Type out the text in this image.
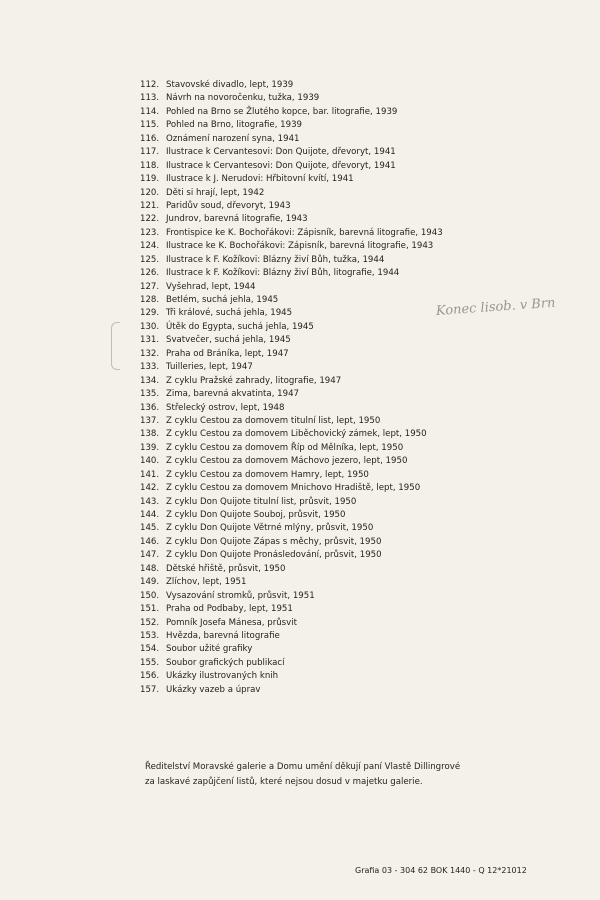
112. Stavovské divadlo, lept, 1939
113. Návrh na novoročenku, tužka, 1939
114. Pohled na Brno se Žlutého kopce, bar. litografie, 1939
115. Pohled na Brno, litografie, 1939
116. Oznámení narození syna, 1941
117. Ilustrace k Cervantesovi: Don Quijote, dřevoryt, 1941
118. Ilustrace k Cervantesovi: Don Quijote, dřevoryt, 1941
119. Ilustrace k J. Nerudovi: Hřbitovní kvítí, 1941
120. Děti si hrají, lept, 1942
121. Paridův soud, dřevoryt, 1943
122. Jundrov, barevná litografie, 1943
123. Frontispice ke K. Bochořákovi: Zápisník, barevná litografie, 1943
124. Ilustrace ke K. Bochořákovi: Zápisník, barevná litografie, 1943
125. Ilustrace k F. Kožíkovi: Blázny živí Bůh, tužka, 1944
126. Ilustrace k F. Kožíkovi: Blázny živí Bůh, litografie, 1944
127. Vyšehrad, lept, 1944
128. Betlém, suchá jehla, 1945
129. Tři králové, suchá jehla, 1945
130. Útěk do Egypta, suchá jehla, 1945
131. Svatvečer, suchá jehla, 1945
132. Praha od Bráníka, lept, 1947
133. Tuilleries, lept, 1947
134. Z cyklu Pražské zahrady, litografie, 1947
135. Zima, barevná akvatinta, 1947
136. Střelecký ostrov, lept, 1948
137. Z cyklu Cestou za domovem titulní list, lept, 1950
138. Z cyklu Cestou za domovem Liběchovický zámek, lept, 1950
139. Z cyklu Cestou za domovem Říp od Mělníka, lept, 1950
140. Z cyklu Cestou za domovem Máchovo jezero, lept, 1950
141. Z cyklu Cestou za domovem Hamry, lept, 1950
142. Z cyklu Cestou za domovem Mnichovo Hradiště, lept, 1950
143. Z cyklu Don Quijote titulní list, průsvit, 1950
144. Z cyklu Don Quijote Souboj, průsvit, 1950
145. Z cyklu Don Quijote Větrné mlýny, průsvit, 1950
146. Z cyklu Don Quijote Zápas s měchy, průsvit, 1950
147. Z cyklu Don Quijote Pronásledování, průsvit, 1950
148. Dětské hřiště, průsvit, 1950
149. Zlíchov, lept, 1951
150. Vysazování stromků, průsvit, 1951
151. Praha od Podbaby, lept, 1951
152. Pomník Josefa Mánesa, průsvit
153. Hvězda, barevná litografie
154. Soubor užité grafiky
155. Soubor grafických publikací
156. Ukázky ilustrovaných knih
157. Ukázky vazeb a úprav
Konec lisob. v Brn

Ředitelství Moravské galerie a Domu umění děkují paní Vlastě Dillingrové
za laskavé zapůjčení listů, které nejsou dosud v majetku galerie.

Grafia 03 - 304 62 BOK 1440 - Q 12*21012
